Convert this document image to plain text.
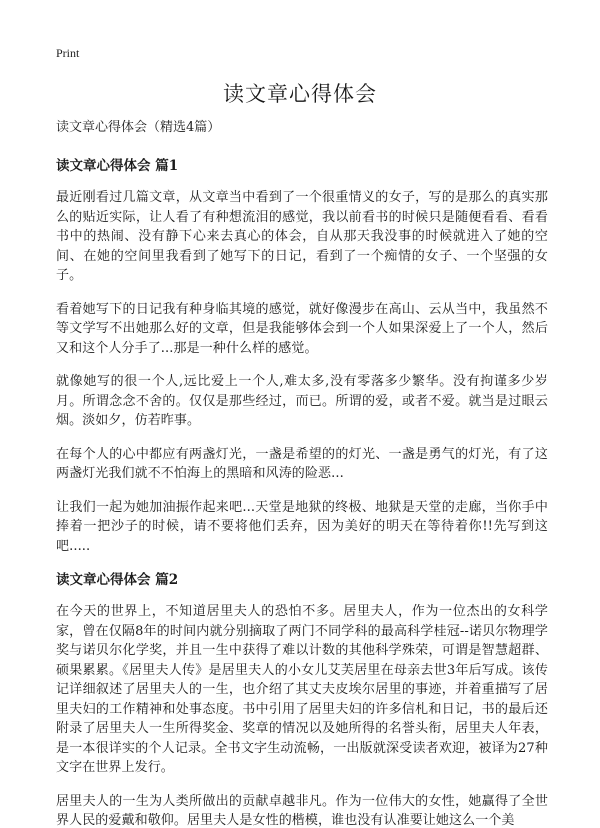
Print
读文章心得体会

读文章心得体会（精选4篇）

读文章心得体会 篇1

最近刚看过几篇文章，从文章当中看到了一个很重情义的女子，写的是那么的真实那么的贴近实际，让人看了有种想流泪的感觉，我以前看书的时候只是随便看看、看看书中的热闹、没有静下心来去真心的体会，自从那天我没事的时候就进入了她的空间、在她的空间里我看到了她写下的日记，看到了一个痴情的女子、一个坚强的女子。

看着她写下的日记我有种身临其境的感觉，就好像漫步在高山、云从当中，我虽然不等文学写不出她那么好的文章，但是我能够体会到一个人如果深爱上了一个人，然后又和这个人分手了...那是一种什么样的感觉。

就像她写的很一个人,远比爱上一个人,难太多,没有零落多少繁华。没有拘谨多少岁月。所谓念念不舍的。仅仅是那些经过，而已。所谓的爱，或者不爱。就当是过眼云烟。淡如夕，仿若昨事。

在每个人的心中都应有两盏灯光，一盏是希望的的灯光、一盏是勇气的灯光，有了这两盏灯光我们就不不怕海上的黑暗和风涛的险恶...

让我们一起为她加油振作起来吧...天堂是地狱的终极、地狱是天堂的走廊，当你手中捧着一把沙子的时候，请不要将他们丢弃，因为美好的明天在等待着你!!先写到这吧.....

读文章心得体会 篇2

在今天的世界上，不知道居里夫人的恐怕不多。居里夫人，作为一位杰出的女科学家，曾在仅隔8年的时间内就分别摘取了两门不同学科的最高科学桂冠--诺贝尔物理学奖与诺贝尔化学奖，并且一生中获得了难以计数的其他科学殊荣，可谓是智慧超群、硕果累累。《居里夫人传》是居里夫人的小女儿艾芙居里在母亲去世3年后写成。该传记详细叙述了居里夫人的一生，也介绍了其丈夫皮埃尔居里的事迹，并着重描写了居里夫妇的工作精神和处事态度。书中引用了居里夫妇的许多信札和日记，书的最后还附录了居里夫人一生所得奖金、奖章的情况以及她所得的名誉头衔，居里夫人年表，是一本很详实的个人记录。全书文字生动流畅，一出版就深受读者欢迎，被译为27种文字在世界上发行。

居里夫人的一生为人类所做出的贡献卓越非凡。作为一位伟大的女性，她赢得了全世界人民的爱戴和敬仰。居里夫人是女性的楷模，谁也没有认准要让她这么一个美
